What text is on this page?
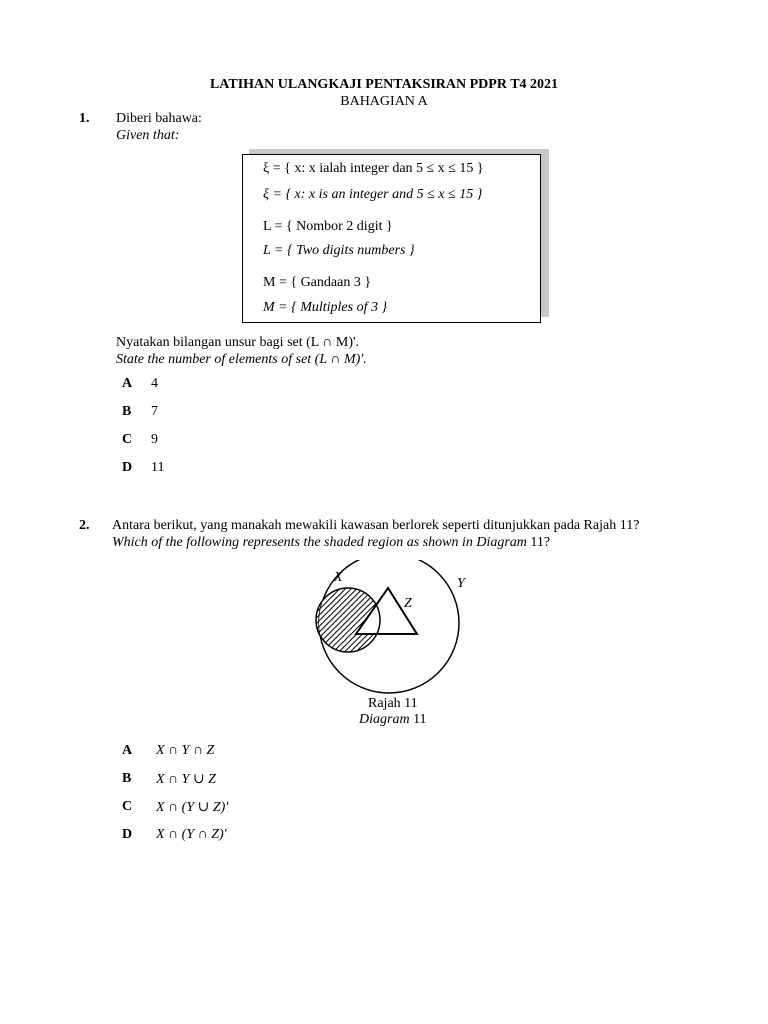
LATIHAN ULANGKAJI PENTAKSIRAN PDPR T4 2021
BAHAGIAN A
1. Diberi bahawa:
Given that:
ξ = { x: x ialah integer dan 5 ≤ x ≤ 15 }
ξ = { x: x is an integer and 5 ≤ x ≤ 15 }
L = { Nombor 2 digit }
L = { Two digits numbers }
M = { Gandaan 3 }
M = { Multiples of 3 }
Nyatakan bilangan unsur bagi set (L ∩ M)'.
State the number of elements of set (L ∩ M)'.
A 4
B 7
C 9
D 11
2. Antara berikut, yang manakah mewakili kawasan berlorek seperti ditunjukkan pada Rajah 11?
Which of the following represents the shaded region as shown in Diagram 11?
X	Y
Z
Rajah 11
Diagram 11
A X ∩ Y ∩ Z
B X ∩ Y ∪ Z
C X ∩ (Y ∪ Z)'
D X ∩ (Y ∩ Z)'
